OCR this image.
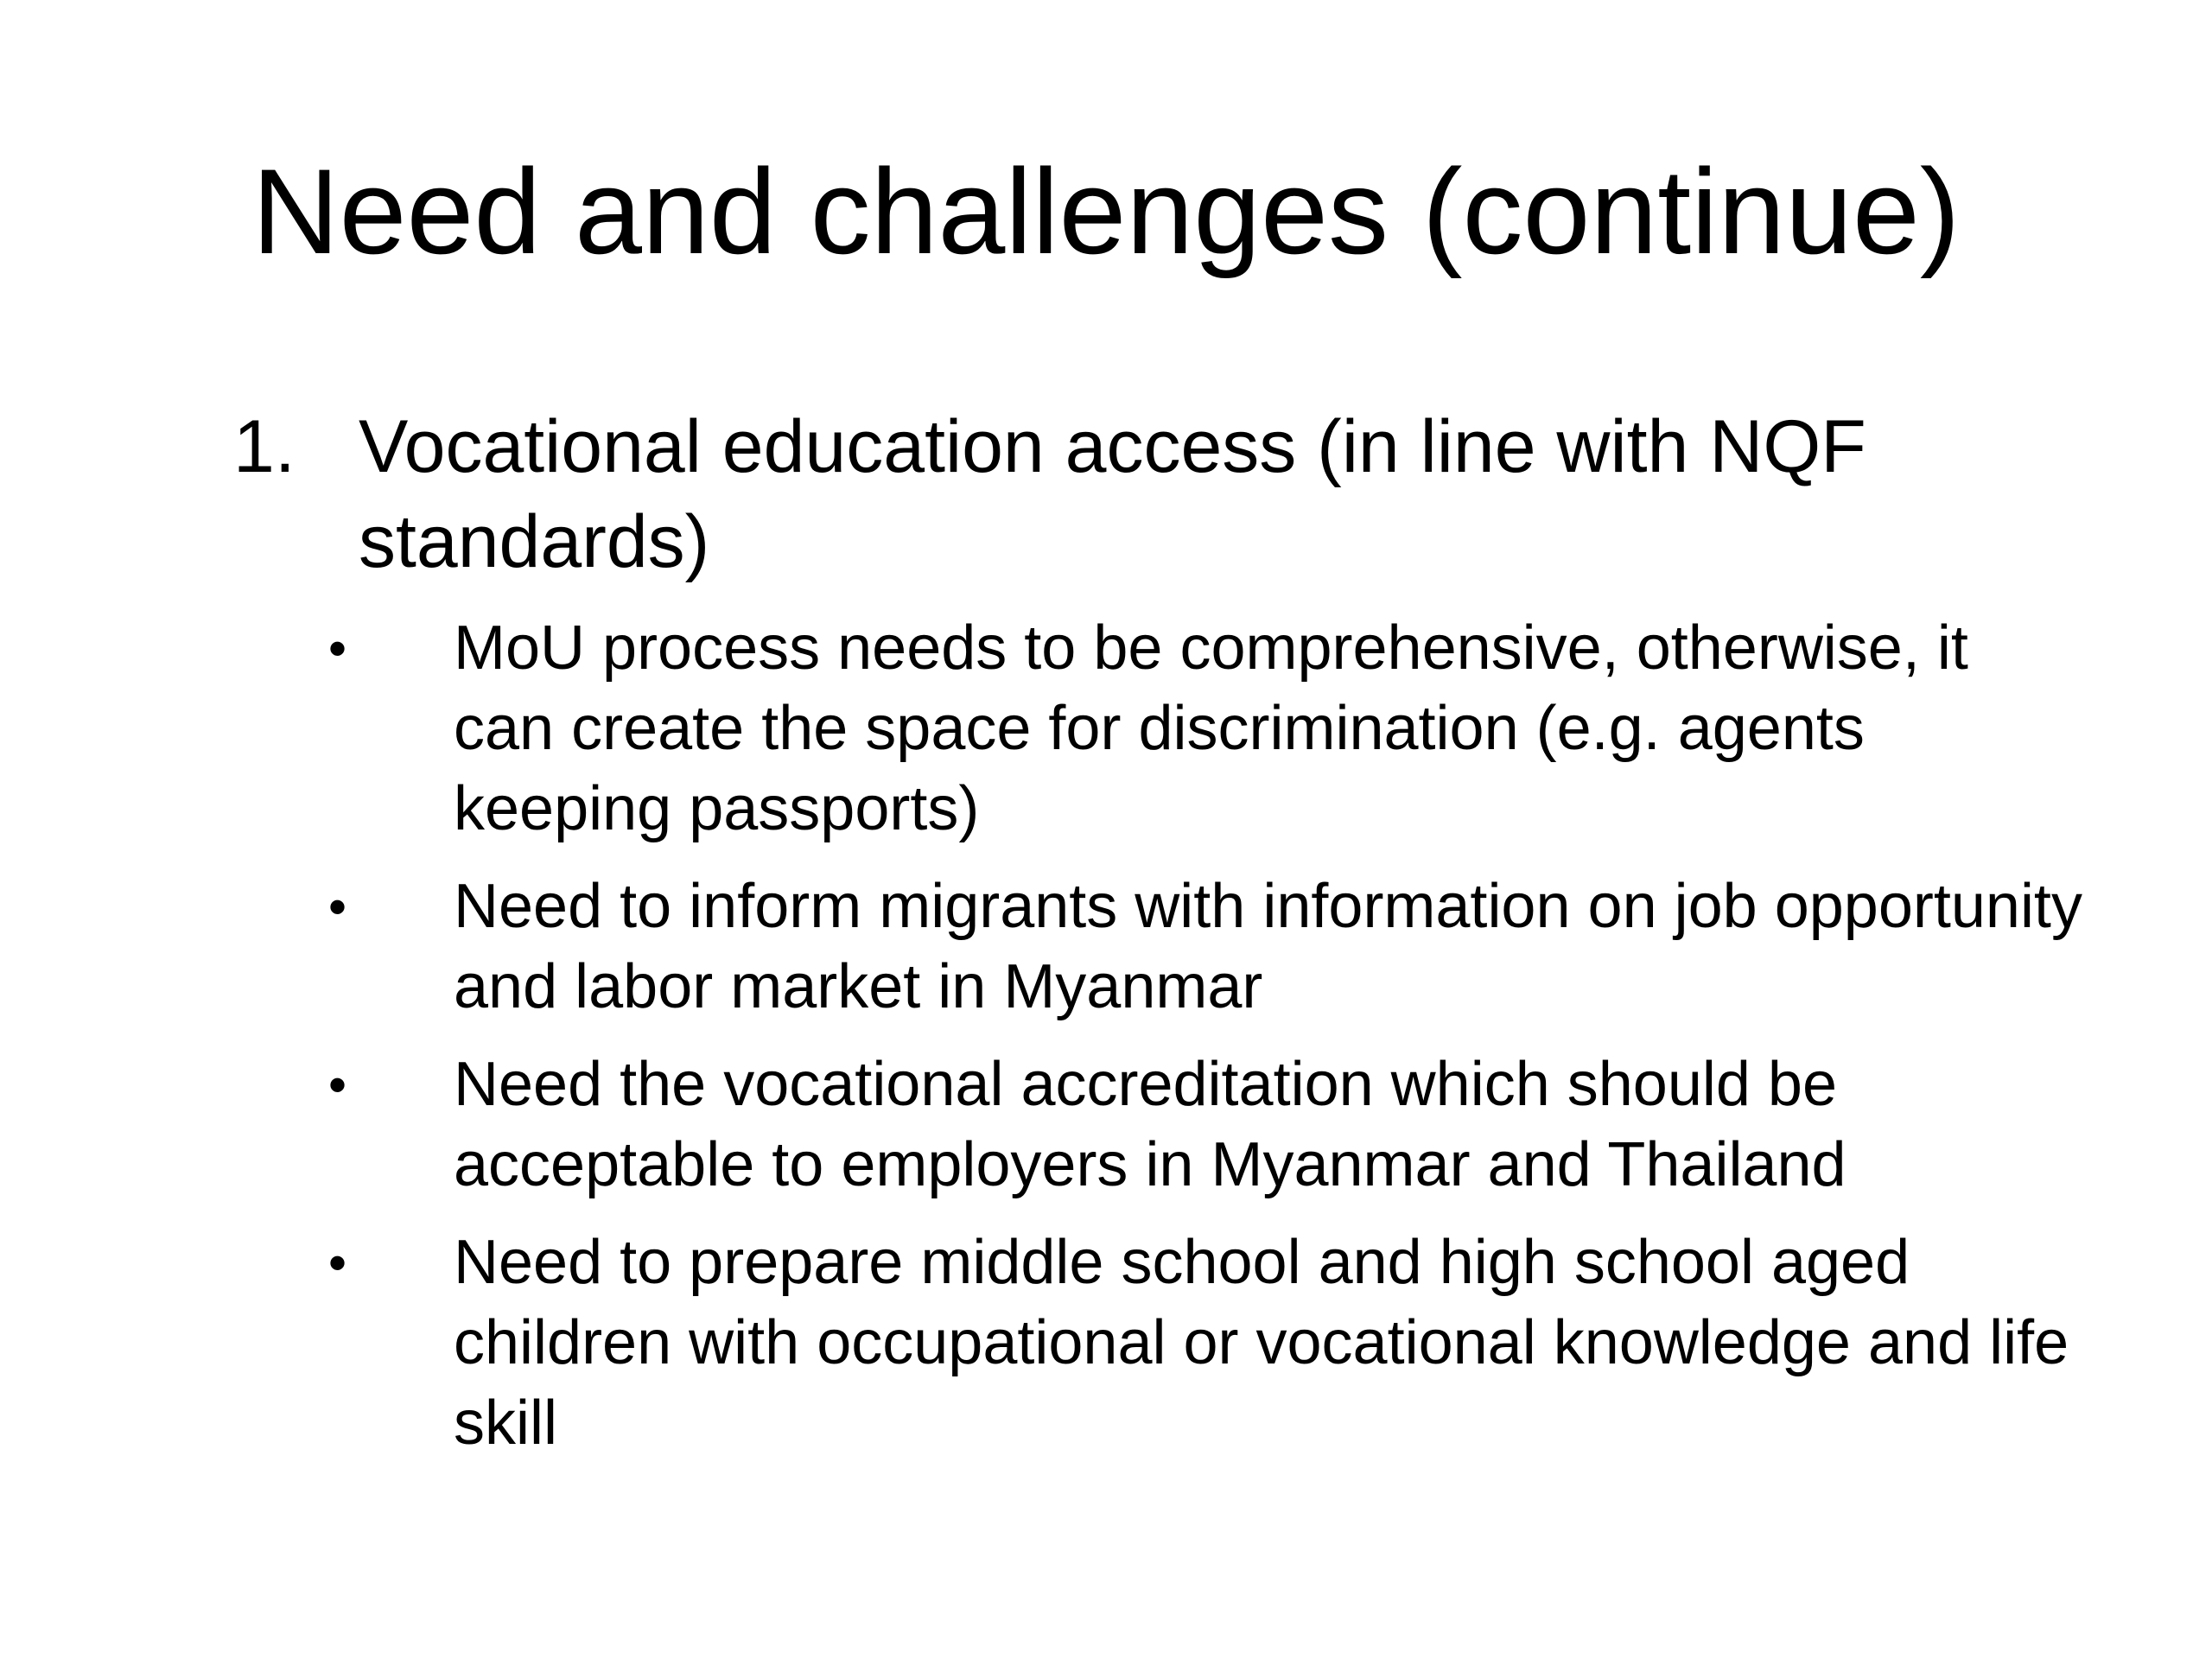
Need and challenges (continue)
1. Vocational education access (in line with NQF standards)
• MoU process needs to be comprehensive, otherwise, it can create the space for discrimination (e.g. agents keeping passports)
• Need to inform migrants with information on job opportunity and labor market in Myanmar
• Need the vocational accreditation which should be acceptable to employers in Myanmar and Thailand
• Need to prepare middle school and high school aged children with occupational or vocational knowledge and life skill
